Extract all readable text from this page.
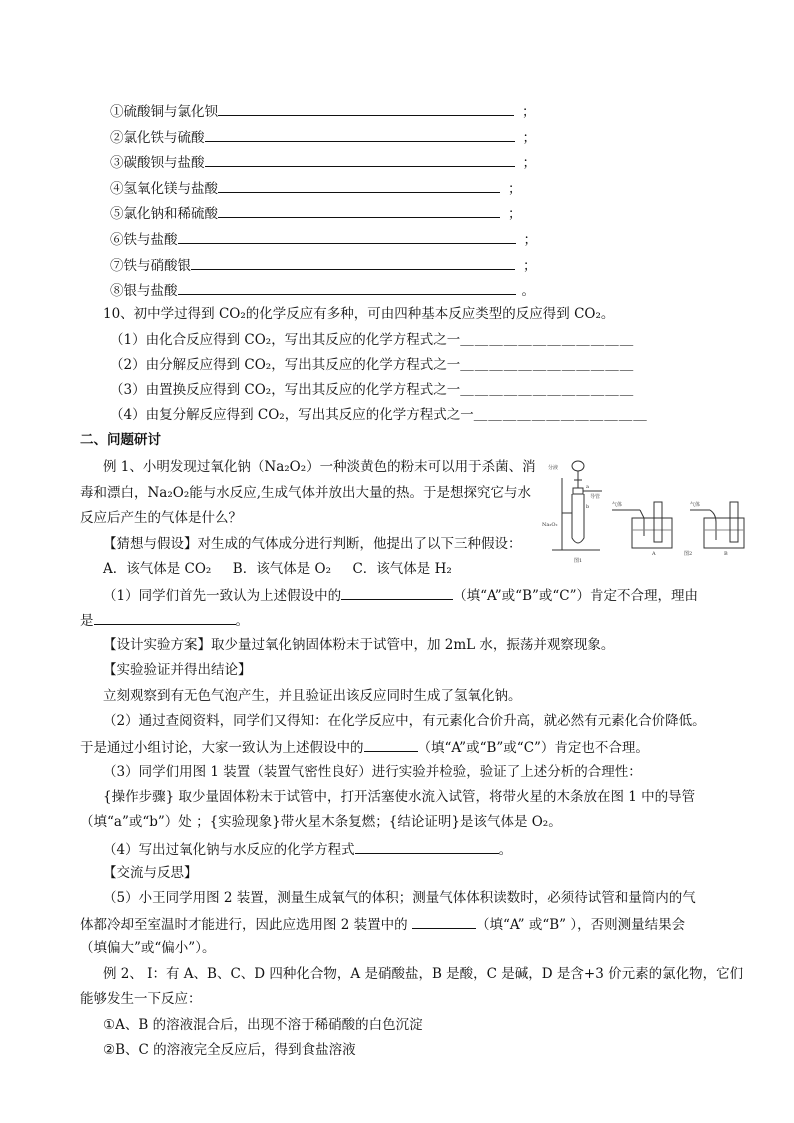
①硫酸铜与氯化钡	；
②氯化铁与硫酸	；
③碳酸钡与盐酸	；
④氢氧化镁与盐酸	；
⑤氯化钠和稀硫酸	；
⑥铁与盐酸	；
⑦铁与硝酸银	；
⑧银与盐酸	。
10、初中学过得到 CO₂的化学反应有多种，可由四种基本反应类型的反应得到 CO₂。
（1）由化合反应得到 CO₂，写出其反应的化学方程式之一＿＿＿＿＿＿＿＿＿＿＿＿
（2）由分解反应得到 CO₂，写出其反应的化学方程式之一＿＿＿＿＿＿＿＿＿＿＿＿
（3）由置换反应得到 CO₂，写出其反应的化学方程式之一＿＿＿＿＿＿＿＿＿＿＿＿
（4）由复分解反应得到 CO₂，写出其反应的化学方程式之一＿＿＿＿＿＿＿＿＿＿＿＿
二、问题研讨
例 1、小明发现过氧化钠（Na₂O₂）一种淡黄色的粉末可以用于杀菌、消
毒和漂白，Na₂O₂能与水反应,生成气体并放出大量的热。于是想探究它与水
反应后产生的气体是什么？
【猜想与假设】对生成的气体成分进行判断，他提出了以下三种假设：
A．该气体是 CO₂     B．该气体是 O₂     C．该气体是 H₂
（1）同学们首先一致认为上述假设中的	（填“A”或“B”或“C”）肯定不合理，理由
是	。
【设计实验方案】取少量过氧化钠固体粉末于试管中，加 2mL 水，振荡并观察现象。
【实验验证并得出结论】
立刻观察到有无色气泡产生，并且验证出该反应同时生成了氢氧化钠。
（2）通过查阅资料，同学们又得知：在化学反应中，有元素化合价升高，就必然有元素化合价降低。
于是通过小组讨论，大家一致认为上述假设中的	（填“A”或“B”或“C”）肯定也不合理。
（3）同学们用图 1 装置（装置气密性良好）进行实验并检验，验证了上述分析的合理性：
{操作步骤} 取少量固体粉末于试管中，打开活塞使水流入试管，将带火星的木条放在图 1 中的导管
（填“a”或“b”）处 ；{实验现象}带火星木条复燃；{结论证明}是该气体是 O₂。
（4）写出过氧化钠与水反应的化学方程式	。
【交流与反思】
（5）小王同学用图 2 装置，测量生成氧气的体积；测量气体体积读数时，必须待试管和量筒内的气
体都冷却至室温时才能进行，因此应选用图 2 装置中的	（填“A” 或“B” ），否则测量结果会
（填偏大”或“偏小”）。
例 2、 I：有 A、B、C、D 四种化合物，A 是硝酸盐，B 是酸，C 是碱，D 是含+3 价元素的氯化物，它们
能够发生一下反应：
①A、B 的溶液混合后，出现不溶于稀硝酸的白色沉淀
②B、C 的溶液完全反应后，得到食盐溶液
分液
a
导管
b
Na₂O₂
图1
气体
A
气体
B
图2
